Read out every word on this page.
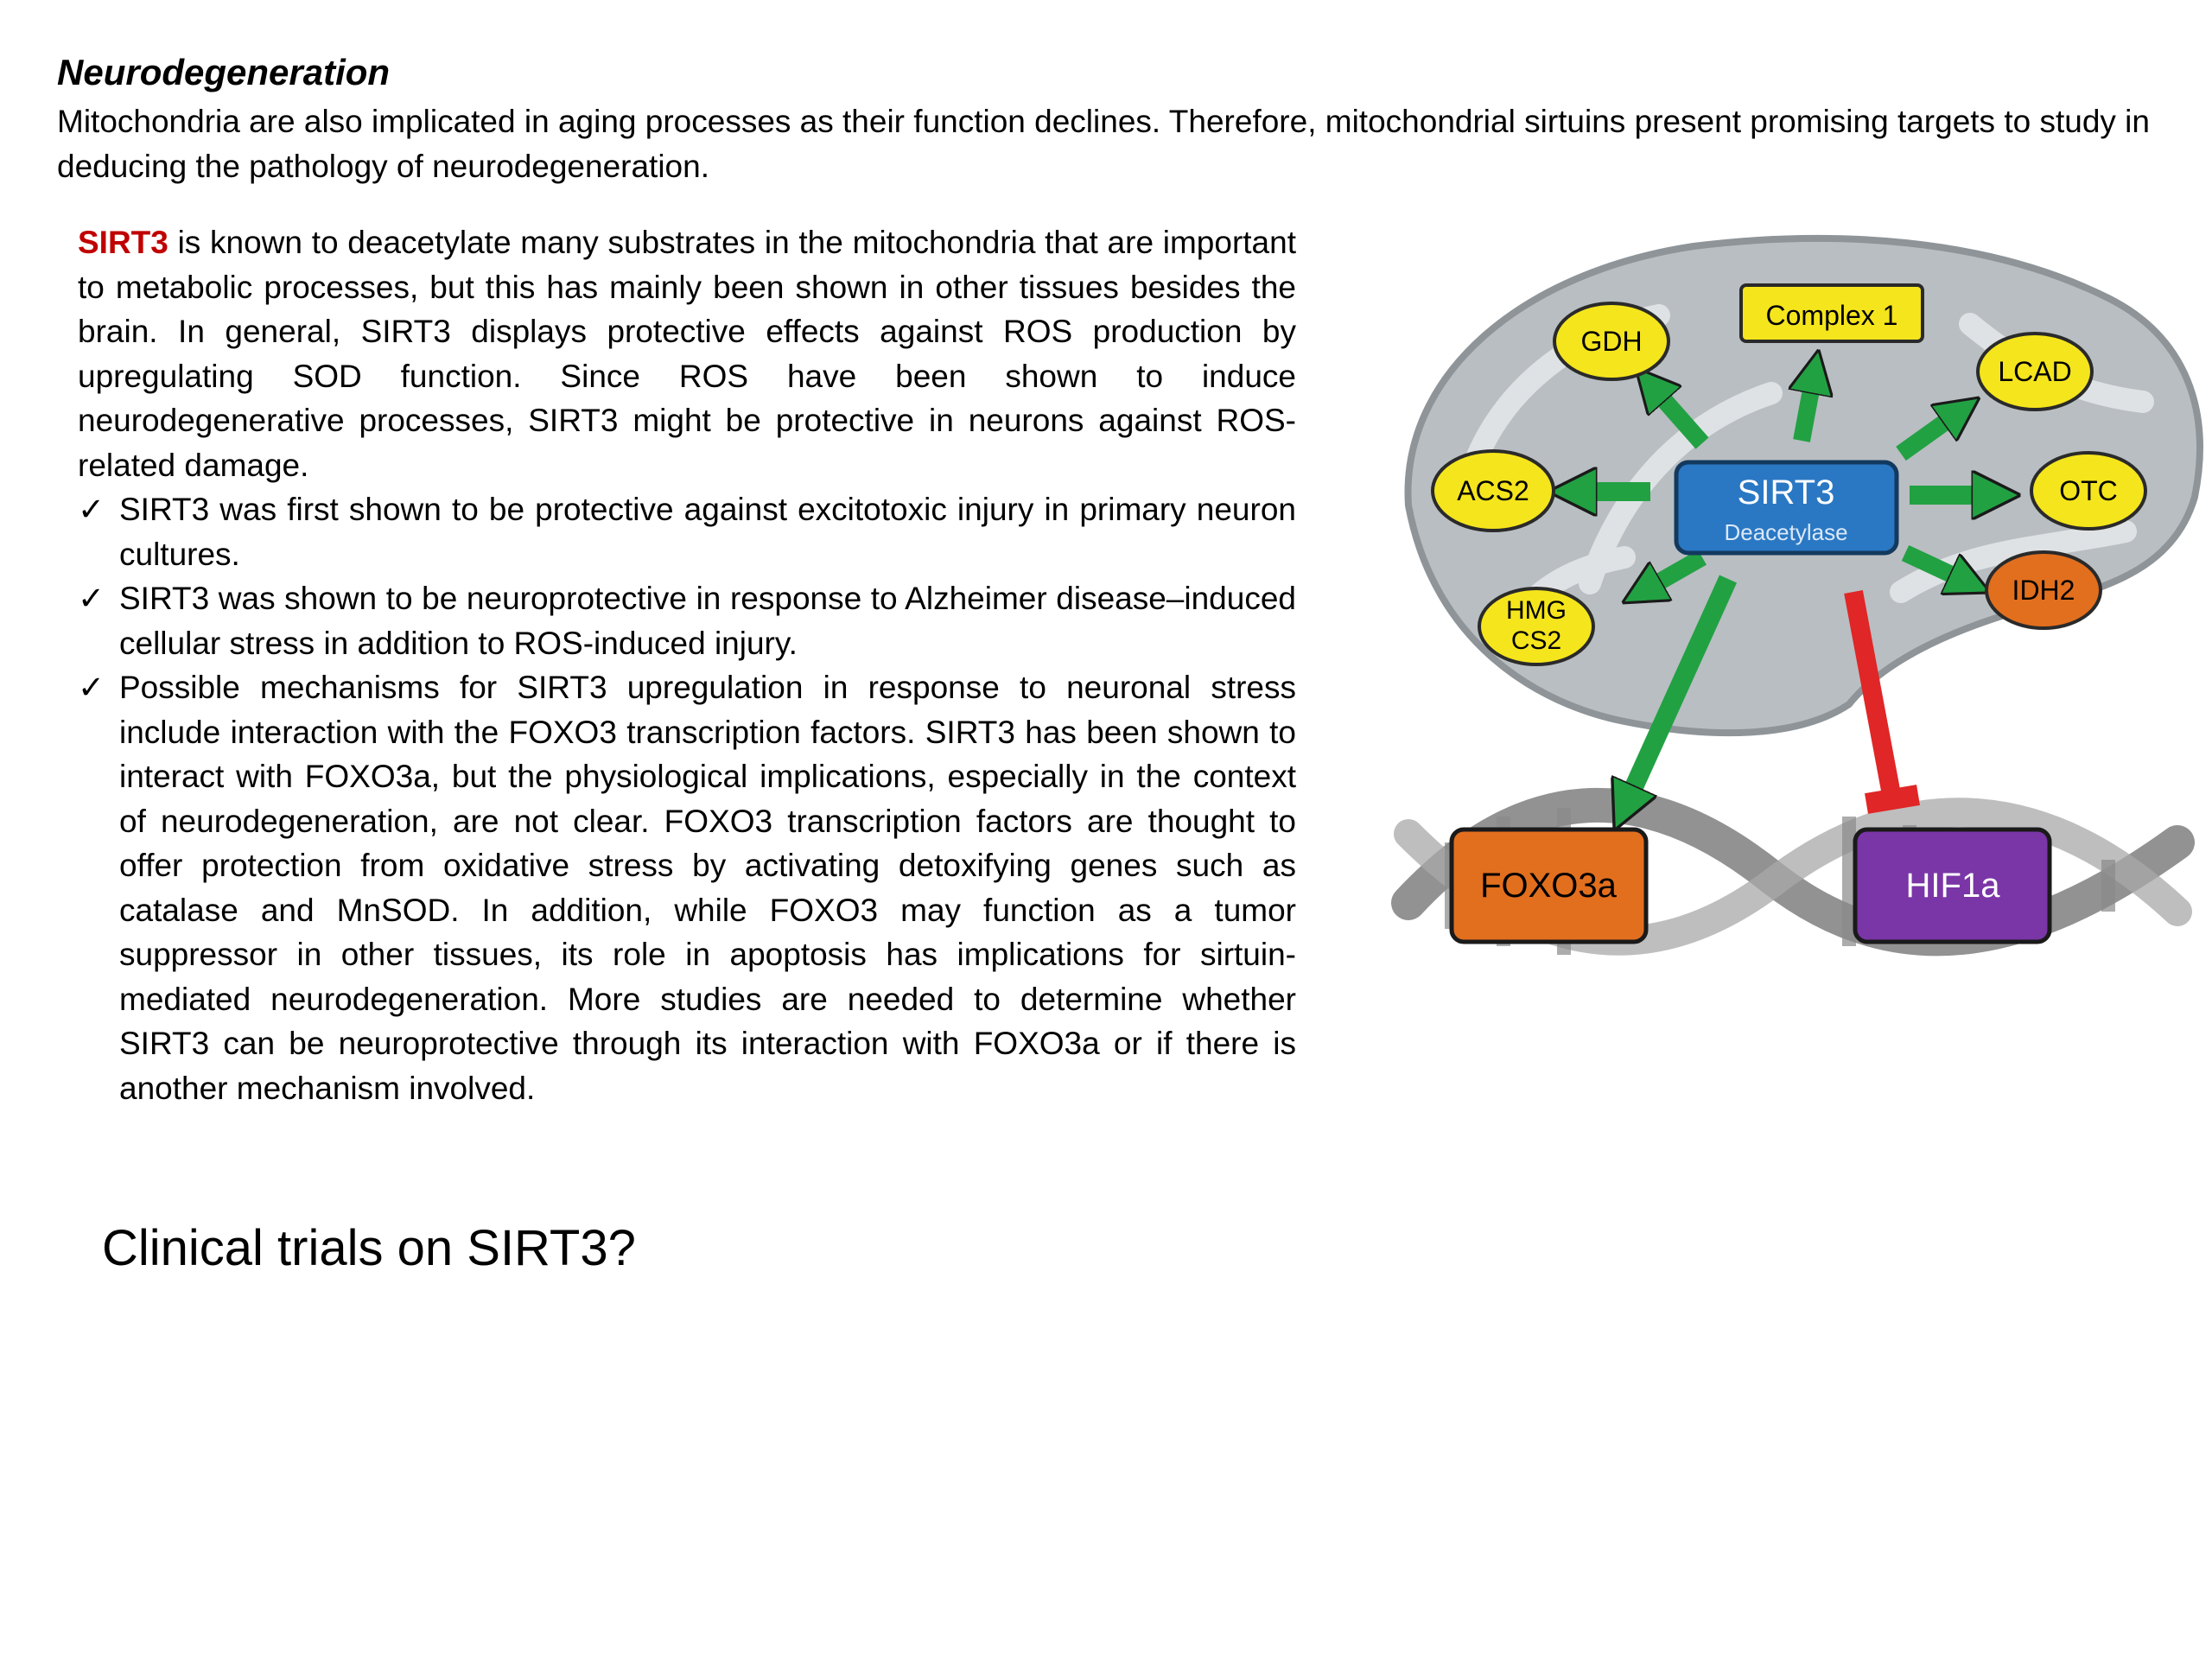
Neurodegeneration

Mitochondria are also implicated in aging processes as their function declines. Therefore, mitochondrial sirtuins present promising targets to study in deducing the pathology of neurodegeneration.

SIRT3 is known to deacetylate many substrates in the mitochondria that are important to metabolic processes, but this has mainly been shown in other tissues besides the brain. In general, SIRT3 displays protective effects against ROS production by upregulating SOD function. Since ROS have been shown to induce neurodegenerative processes, SIRT3 might be protective in neurons against ROS-related damage.

✓ SIRT3 was first shown to be protective against excitotoxic injury in primary neuron cultures.
✓ SIRT3 was shown to be neuroprotective in response to Alzheimer disease–induced cellular stress in addition to ROS-induced injury.
✓ Possible mechanisms for SIRT3 upregulation in response to neuronal stress include interaction with the FOXO3 transcription factors. SIRT3 has been shown to interact with FOXO3a, but the physiological implications, especially in the context of neurodegeneration, are not clear. FOXO3 transcription factors are thought to offer protection from oxidative stress by activating detoxifying genes such as catalase and MnSOD. In addition, while FOXO3 may function as a tumor suppressor in other tissues, its role in apoptosis has implications for sirtuin-mediated neurodegeneration. More studies are needed to determine whether SIRT3 can be neuroprotective through its interaction with FOXO3a or if there is another mechanism involved.
SIRT3
Deacetylase
Complex 1
GDH
LCAD
ACS2	OTC
HMG
CS2
IDH2
FOXO3a	HIF1a
Clinical trials on SIRT3?
